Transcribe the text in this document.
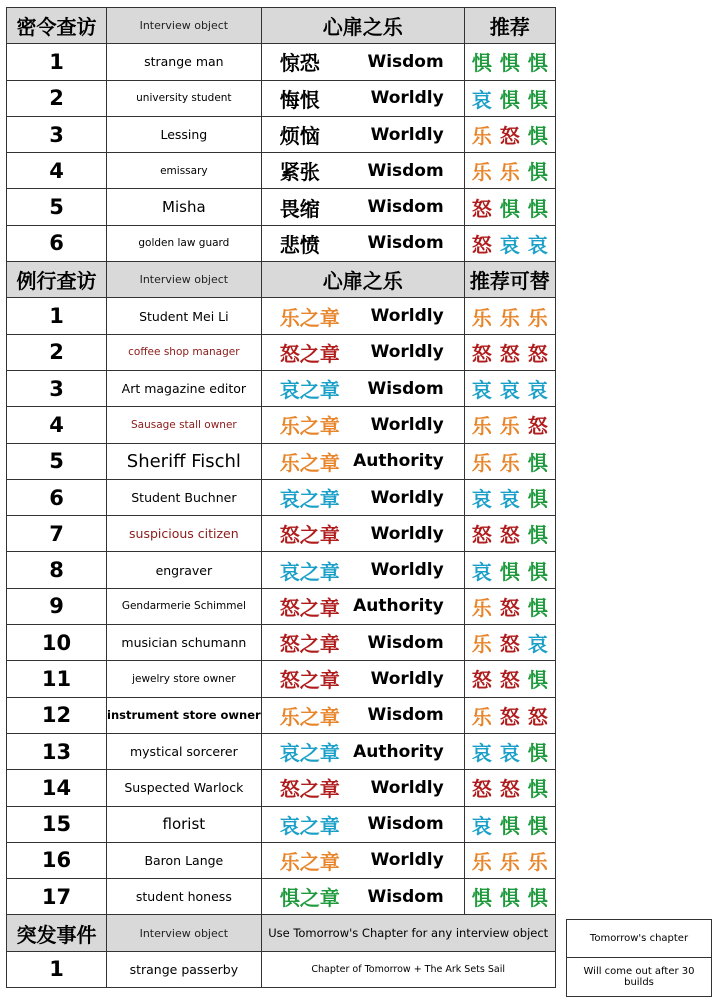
密令查访	Interview object	心扉之乐	推荐
1	strange man	惊恐 Wisdom	惧 惧 惧

2	university student	悔恨 Worldly	哀 惧 惧

3	Lessing	烦恼 Worldly	乐 怒 惧

4	emissary	紧张 Wisdom	乐 乐 惧

5	Misha	畏缩 Wisdom	怒 惧 惧

6	golden law guard	悲愤 Wisdom	怒 哀 哀

例行查访	Interview object	心扉之乐	推荐可替
1	Student Mei Li	乐之章 Worldly	乐 乐 乐

2	coffee shop manager	怒之章 Worldly	怒 怒 怒

3	Art magazine editor	哀之章 Wisdom	哀 哀 哀

4	Sausage stall owner	乐之章 Worldly	乐 乐 怒

5	Sheriff Fischl	乐之章 Authority	乐 乐 惧

6	Student Buchner	哀之章 Worldly	哀 哀 惧

7	suspicious citizen	怒之章 Worldly	怒 怒 惧

8	engraver	哀之章 Worldly	哀 惧 惧

9	Gendarmerie Schimmel	怒之章 Authority	乐 怒 惧

10	musician schumann	怒之章 Wisdom	乐 怒 哀

11	jewelry store owner	怒之章 Worldly	怒 怒 惧

12	instrument store owner	乐之章 Wisdom	乐 怒 怒

13	mystical sorcerer	哀之章 Authority	哀 哀 惧

14	Suspected Warlock	怒之章 Worldly	怒 怒 惧

15	florist	哀之章 Wisdom	哀 惧 惧

16	Baron Lange	乐之章 Worldly	乐 乐 乐

17	student honess	惧之章 Wisdom	惧 惧 惧

突发事件	Interview object	Use Tomorrow's Chapter for any interview object	
1	strange passerby	Chapter of Tomorrow + The Ark Sets Sail	
Tomorrow's chapter
Will come out after 30 builds
